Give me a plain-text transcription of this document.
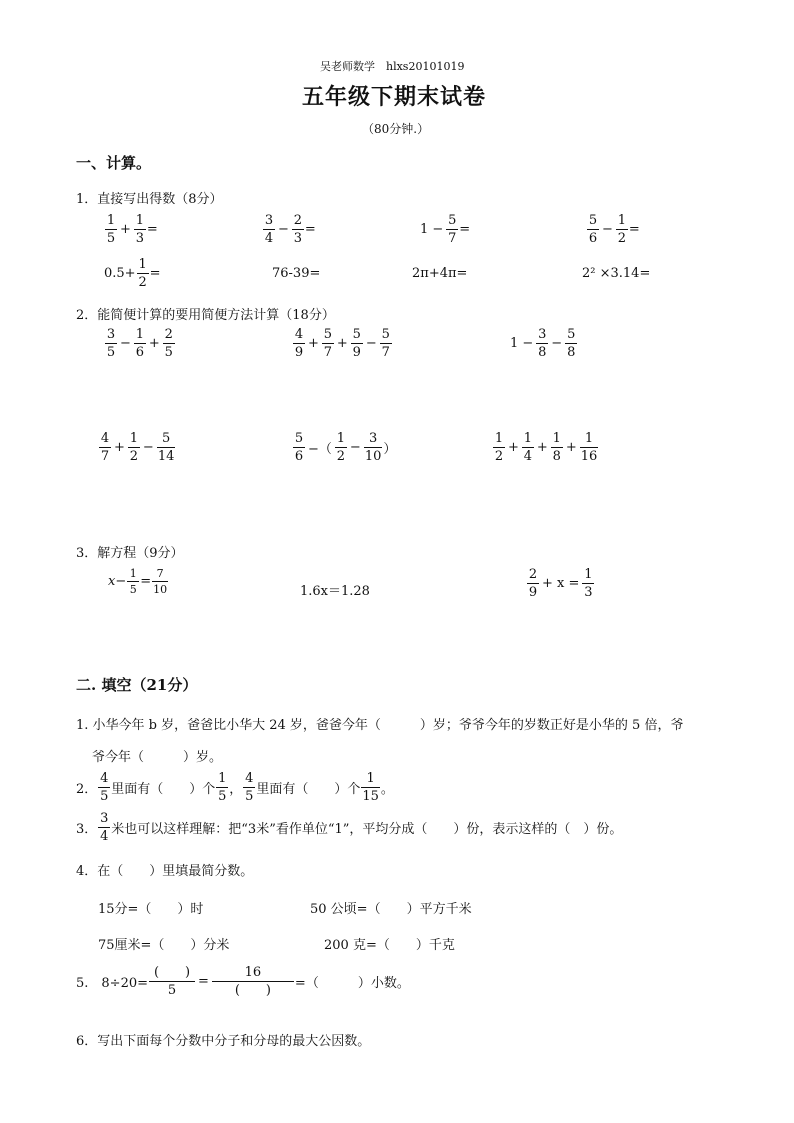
吴老师数学　hlxs20101019
五年级下期末试卷
（80分钟.）
一、计算。
1．直接写出得数（8分）
$\frac{1}{5} + \frac{1}{3}$ =	$\frac{3}{4} - \frac{2}{3}$ =	$1 - \frac{5}{7}$ =	$\frac{5}{6} - \frac{1}{2}$ =
$0.5+ \frac{1}{2}$ =	76-39=	2π+4π=	2² ×3.14=
2．能简便计算的要用简便方法计算（18分）
$\frac{3}{5} - \frac{1}{6} + \frac{2}{5}$	$\frac{4}{9} + \frac{5}{7} + \frac{5}{9} - \frac{5}{7}$	$1 - \frac{3}{8} - \frac{5}{8}$
$\frac{4}{7} + \frac{1}{2} - \frac{5}{14}$	$\frac{5}{6}$ −（ $\frac{1}{2} - \frac{3}{10}$ ）	$\frac{1}{2} + \frac{1}{4} + \frac{1}{8} + \frac{1}{16}$
3．解方程（9分）
$x- \frac{1}{5} = \frac{7}{10}$	1.6x＝1.28	$\frac{2}{9} + x = \frac{1}{3}$
二. 填空（21分）
1. 小华今年 b 岁，爸爸比小华大 24 岁，爸爸今年（　　　）岁；爷爷今年的岁数正好是小华的 5 倍，爷
爷今年（　　　）岁。
2． $\frac{4}{5}$ 里面有（　　）个 $\frac{1}{5}$ ， $\frac{4}{5}$ 里面有（　　）个 $\frac{1}{15}$ 。
3． $\frac{3}{4}$ 米也可以这样理解：把“3米”看作单位“1”，平均分成（　　）份，表示这样的（　）份。
4．在（　　）里填最简分数。
15分=（　　）时	50 公顷=（　　）平方千米
75厘米=（　　）分米	200 克=（　　）千克
5.　$8\div 20= \frac{( )}{5} = \frac{16}{( )}$ =（　　　）小数。
6．写出下面每个分数中分子和分母的最大公因数。
